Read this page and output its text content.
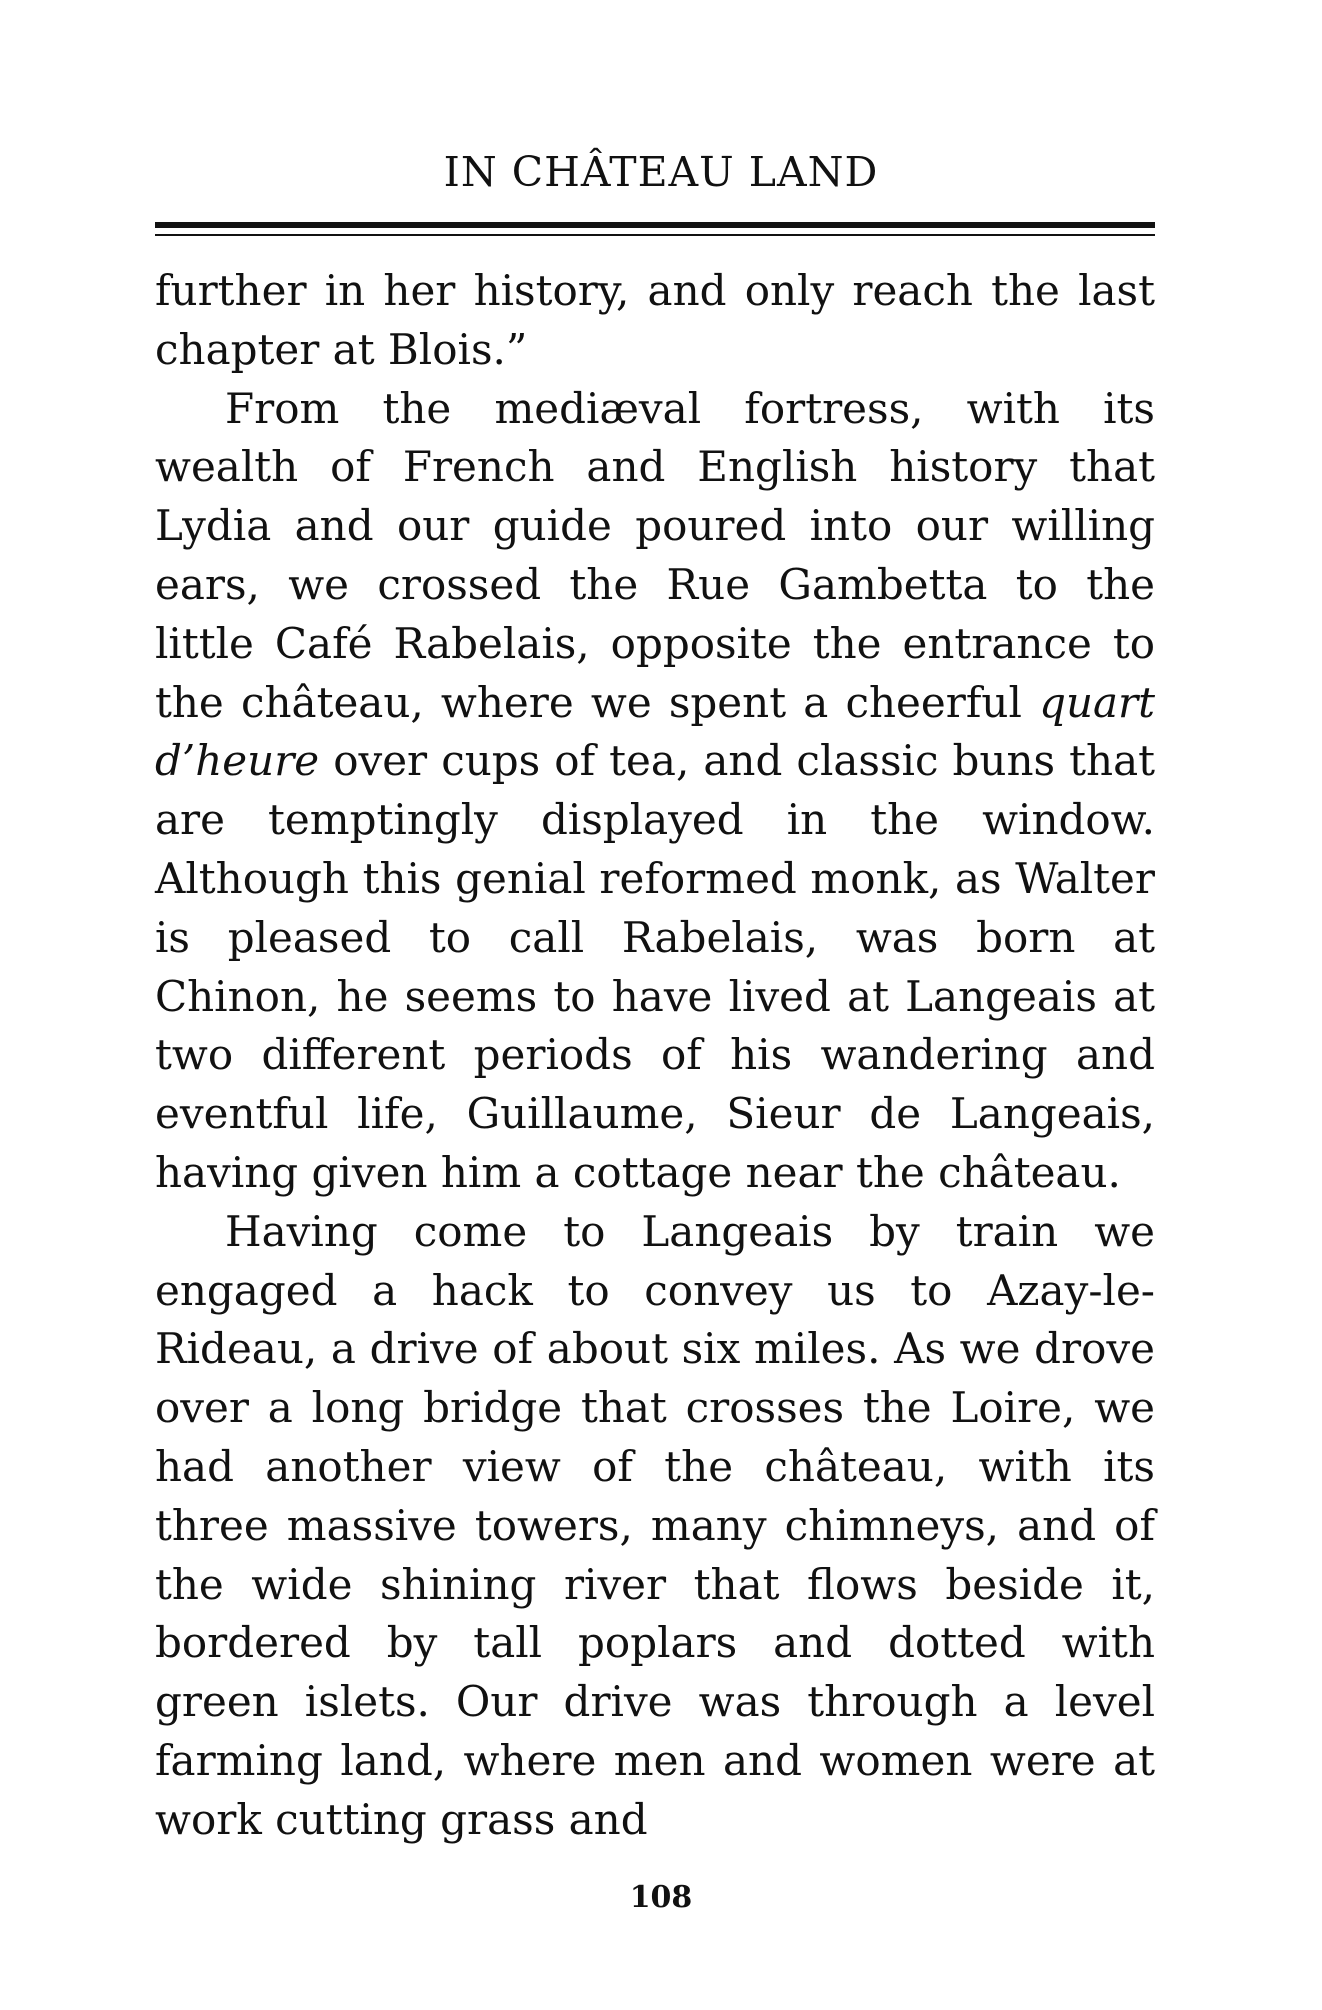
IN CHÂTEAU LAND

further in her history, and only reach the last chapter at Blois.”

From the mediæval fortress, with its wealth of French and English history that Lydia and our guide poured into our willing ears, we crossed the Rue Gambetta to the little Café Rabelais, opposite the entrance to the château, where we spent a cheerful quart d’heure over cups of tea, and classic buns that are temptingly displayed in the window. Although this genial reformed monk, as Walter is pleased to call Rabelais, was born at Chinon, he seems to have lived at Langeais at two different periods of his wandering and eventful life, Guillaume, Sieur de Langeais, having given him a cottage near the château.

Having come to Langeais by train we engaged a hack to convey us to Azay-le-Rideau, a drive of about six miles. As we drove over a long bridge that crosses the Loire, we had another view of the château, with its three massive towers, many chimneys, and of the wide shining river that flows beside it, bordered by tall poplars and dotted with green islets. Our drive was through a level farming land, where men and women were at work cutting grass and

108
